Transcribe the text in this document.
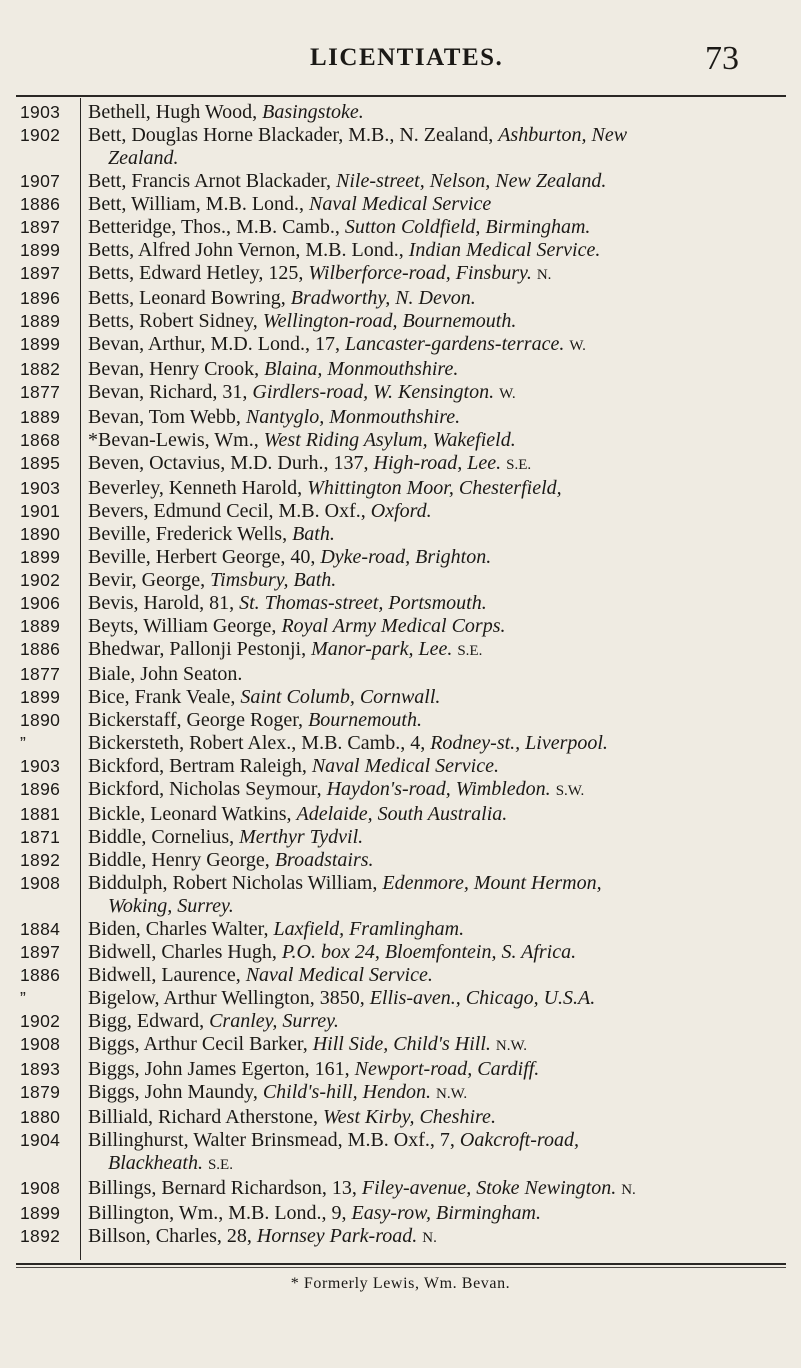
LICENTIATES.	73
1903	Bethell, Hugh Wood, Basingstoke.
1902	Bett, Douglas Horne Blackader, M.B., N. Zealand, Ashburton, New
Zealand.
1907	Bett, Francis Arnot Blackader, Nile-street, Nelson, New Zealand.
1886	Bett, William, M.B. Lond., Naval Medical Service
1897	Betteridge, Thos., M.B. Camb., Sutton Coldfield, Birmingham.
1899	Betts, Alfred John Vernon, M.B. Lond., Indian Medical Service.
1897	Betts, Edward Hetley, 125, Wilberforce-road, Finsbury. N.
1896	Betts, Leonard Bowring, Bradworthy, N. Devon.
1889	Betts, Robert Sidney, Wellington-road, Bournemouth.
1899	Bevan, Arthur, M.D. Lond., 17, Lancaster-gardens-terrace. W.
1882	Bevan, Henry Crook, Blaina, Monmouthshire.
1877	Bevan, Richard, 31, Girdlers-road, W. Kensington. W.
1889	Bevan, Tom Webb, Nantyglo, Monmouthshire.
1868	*Bevan-Lewis, Wm., West Riding Asylum, Wakefield.
1895	Beven, Octavius, M.D. Durh., 137, High-road, Lee. S.E.
1903	Beverley, Kenneth Harold, Whittington Moor, Chesterfield,
1901	Bevers, Edmund Cecil, M.B. Oxf., Oxford.
1890	Beville, Frederick Wells, Bath.
1899	Beville, Herbert George, 40, Dyke-road, Brighton.
1902	Bevir, George, Timsbury, Bath.
1906	Bevis, Harold, 81, St. Thomas-street, Portsmouth.
1889	Beyts, William George, Royal Army Medical Corps.
1886	Bhedwar, Pallonji Pestonji, Manor-park, Lee. S.E.
1877	Biale, John Seaton.
1899	Bice, Frank Veale, Saint Columb, Cornwall.
1890	Bickerstaff, George Roger, Bournemouth.
”	Bickersteth, Robert Alex., M.B. Camb., 4, Rodney-st., Liverpool.
1903	Bickford, Bertram Raleigh, Naval Medical Service.
1896	Bickford, Nicholas Seymour, Haydon's-road, Wimbledon. S.W.
1881	Bickle, Leonard Watkins, Adelaide, South Australia.
1871	Biddle, Cornelius, Merthyr Tydvil.
1892	Biddle, Henry George, Broadstairs.
1908	Biddulph, Robert Nicholas William, Edenmore, Mount Hermon,
Woking, Surrey.
1884	Biden, Charles Walter, Laxfield, Framlingham.
1897	Bidwell, Charles Hugh, P.O. box 24, Bloemfontein, S. Africa.
1886	Bidwell, Laurence, Naval Medical Service.
”	Bigelow, Arthur Wellington, 3850, Ellis-aven., Chicago, U.S.A.
1902	Bigg, Edward, Cranley, Surrey.
1908	Biggs, Arthur Cecil Barker, Hill Side, Child's Hill. N.W.
1893	Biggs, John James Egerton, 161, Newport-road, Cardiff.
1879	Biggs, John Maundy, Child's-hill, Hendon. N.W.
1880	Billiald, Richard Atherstone, West Kirby, Cheshire.
1904	Billinghurst, Walter Brinsmead, M.B. Oxf., 7, Oakcroft-road,
Blackheath. S.E.
1908	Billings, Bernard Richardson, 13, Filey-avenue, Stoke Newington. N.
1899	Billington, Wm., M.B. Lond., 9, Easy-row, Birmingham.
1892	Billson, Charles, 28, Hornsey Park-road. N.
* Formerly Lewis, Wm. Bevan.
